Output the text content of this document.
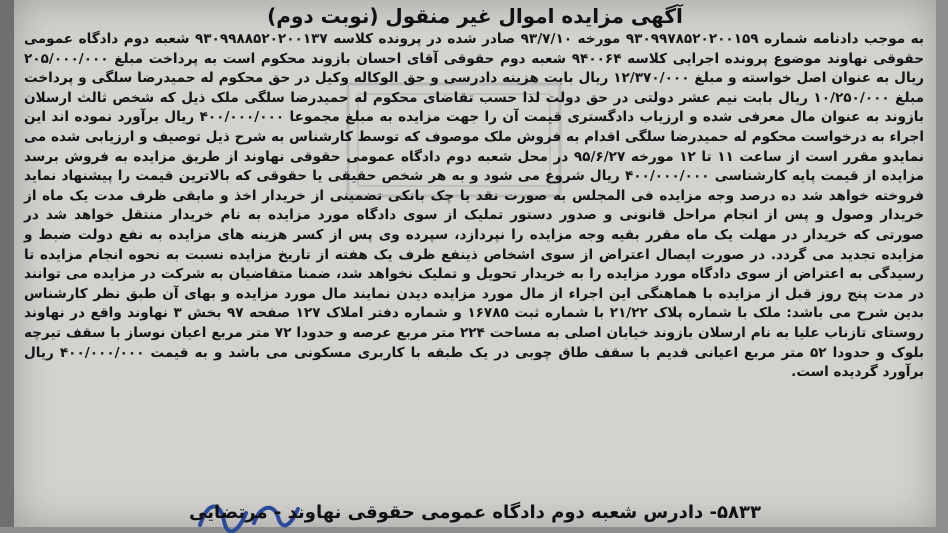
آگهی مزایده اموال غیر منقول (نوبت دوم)

به موجب دادنامه شماره ۹۳۰۹۹۷۸۵۲۰۲۰۰۱۵۹ مورخه ۹۳/۷/۱۰ صادر شده در پرونده کلاسه ۹۳۰۹۹۸۸۵۲۰۲۰۰۱۳۷ شعبه دوم دادگاه عمومی حقوقی نهاوند موضوع پرونده اجرایی کلاسه ۹۴۰۰۶۴ شعبه دوم حقوقی آقای احسان بازوند محکوم است به پرداخت مبلغ ۲۰۵/۰۰۰/۰۰۰ ریال به عنوان اصل خواسته و مبلغ ۱۲/۳۷۰/۰۰۰ ریال بابت هزینه دادرسی و حق الوکاله وکیل در حق محکوم له حمیدرضا سلگی و پرداخت مبلغ ۱۰/۲۵۰/۰۰۰ ریال بابت نیم عشر دولتی در حق دولت لذا حسب تقاضای محکوم له حمیدرضا سلگی ملک ذیل که شخص ثالث ارسلان بازوند به عنوان مال معرفی شده و ارزیاب دادگستری قیمت آن را جهت مزایده به مبلغ مجموعا ۴۰۰/۰۰۰/۰۰۰ ریال برآورد نموده اند این اجراء به درخواست محکوم له حمیدرضا سلگی اقدام به فروش ملک موصوف که توسط کارشناس به شرح ذیل توصیف و ارزیابی شده می نمایدو مقرر است از ساعت ۱۱ تا ۱۲ مورخه ۹۵/۶/۲۷ در محل شعبه دوم دادگاه عمومی حقوقی نهاوند از طریق مزایده به فروش برسد مزایده از قیمت پایه کارشناسی ۴۰۰/۰۰۰/۰۰۰ ریال شروع می شود و به هر شخص حقیقی یا حقوقی که بالاترین قیمت را پیشنهاد نماید فروخته خواهد شد ده درصد وجه مزایده فی المجلس به صورت نقد یا چک بانکی تضمینی از خریدار اخذ و مابقی ظرف مدت یک ماه از خریدار وصول و پس از انجام مراحل قانونی و صدور دستور تملیک از سوی دادگاه مورد مزایده به نام خریدار منتقل خواهد شد در صورتی که خریدار در مهلت یک ماه مقرر بقیه وجه مزایده را نپردازد، سپرده وی پس از کسر هزینه های مزایده به نفع دولت ضبط و مزایده تجدید می گردد. در صورت ایصال اعتراض از سوی اشخاص ذینفع ظرف یک هفته از تاریخ مزایده نسبت به نحوه انجام مزایده تا رسیدگی به اعتراض از سوی دادگاه مورد مزایده را به خریدار تحویل و تملیک نخواهد شد، ضمنا متقاضیان به شرکت در مزایده می توانند در مدت پنج روز قبل از مزایده با هماهنگی این اجراء از مال مورد مزایده دیدن نمایند مال مورد مزایده و بهای آن طبق نظر کارشناس بدین شرح می باشد: ملک با شماره پلاک ۲۱/۲۲ با شماره ثبت ۱۶۷۸۵ و شماره دفتر املاک ۱۲۷ صفحه ۹۷ بخش ۳ نهاوند واقع در نهاوند روستای تازناب علیا به نام ارسلان بازوند خیابان اصلی به مساحت ۲۲۴ متر مربع عرصه و حدودا ۷۲ متر مربع اعیان نوساز با سقف تیرچه بلوک و حدودا ۵۲ متر مربع اعیانی قدیم با سقف طاق چوبی در یک طبقه با کاربری مسکونی می باشد و به قیمت ۴۰۰/۰۰۰/۰۰۰ ریال برآورد گردیده است.

۵۸۳۳- دادرس شعبه دوم دادگاه عمومی حقوقی نهاوند - مرتضایی
